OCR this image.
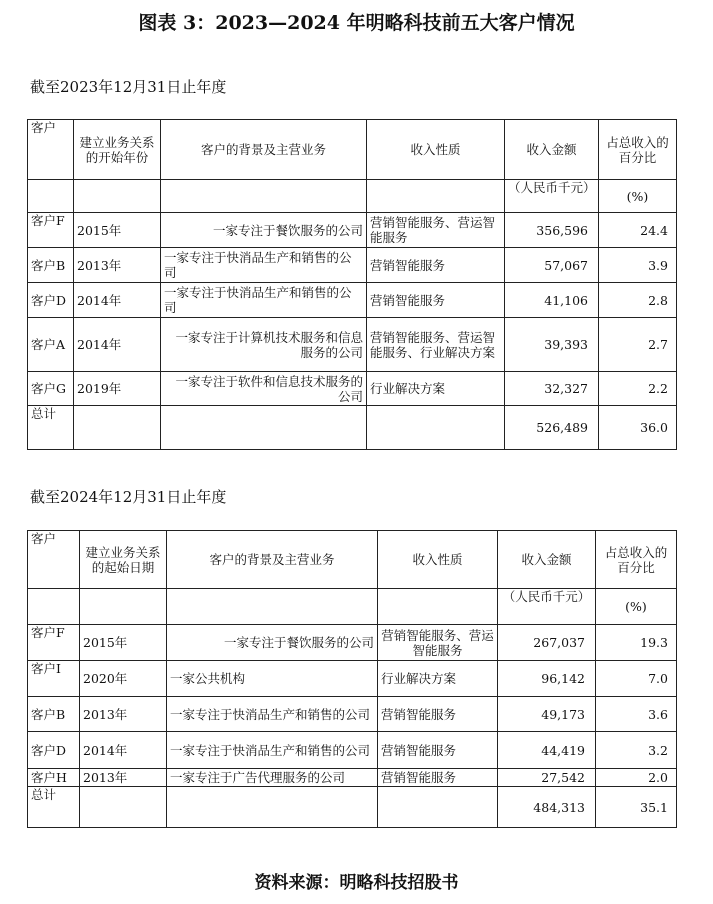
图表 3：2023—2024 年明略科技前五大客户情况
截至2023年12月31日止年度
客户	建立业务关系的开始年份	客户的背景及主营业务	收入性质	收入金额	占总收入的百分比
				（人民币千元）	(%)
客户F	2015年	一家专注于餐饮服务的公司	营销智能服务、营运智能服务	356,596	24.4
客户B	2013年	一家专注于快消品生产和销售的公司	营销智能服务	57,067	3.9
客户D	2014年	一家专注于快消品生产和销售的公司	营销智能服务	41,106	2.8
客户A	2014年	一家专注于计算机技术服务和信息服务的公司	营销智能服务、营运智能服务、行业解决方案	39,393	2.7
客户G	2019年	一家专注于软件和信息技术服务的公司	行业解决方案	32,327	2.2
总计				526,489	36.0
截至2024年12月31日止年度
客户	建立业务关系的起始日期	客户的背景及主营业务	收入性质	收入金额	占总收入的百分比
				（人民币千元）	(%)
客户F	2015年	一家专注于餐饮服务的公司	营销智能服务、营运智能服务	267,037	19.3
客户I	2020年	一家公共机构	行业解决方案	96,142	7.0
客户B	2013年	一家专注于快消品生产和销售的公司	营销智能服务	49,173	3.6
客户D	2014年	一家专注于快消品生产和销售的公司	营销智能服务	44,419	3.2
客户H	2013年	一家专注于广告代理服务的公司	营销智能服务	27,542	2.0
总计				484,313	35.1
资料来源：明略科技招股书
